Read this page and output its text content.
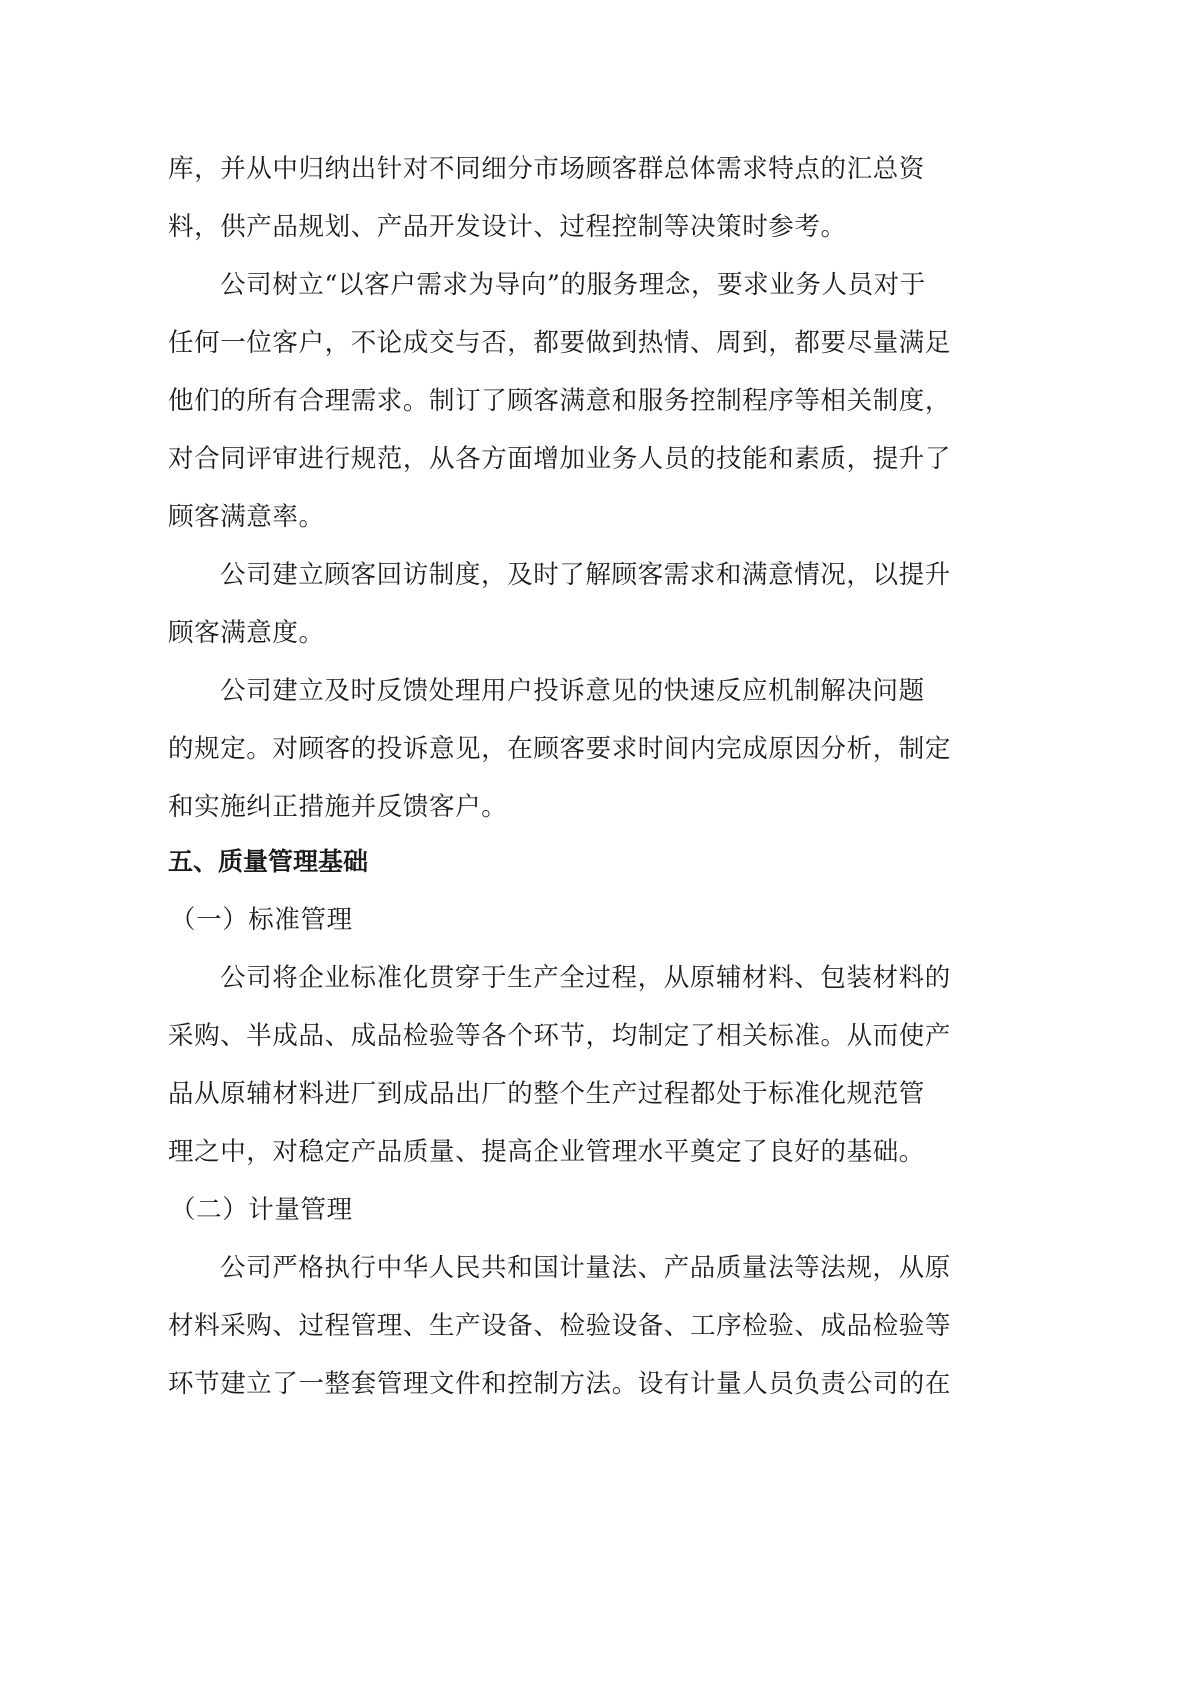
库，并从中归纳出针对不同细分市场顾客群总体需求特点的汇总资
料，供产品规划、产品开发设计、过程控制等决策时参考。
公司树立“以客户需求为导向”的服务理念，要求业务人员对于
任何一位客户，不论成交与否，都要做到热情、周到，都要尽量满足
他们的所有合理需求。制订了顾客满意和服务控制程序等相关制度，
对合同评审进行规范，从各方面增加业务人员的技能和素质，提升了
顾客满意率。
公司建立顾客回访制度，及时了解顾客需求和满意情况，以提升
顾客满意度。
公司建立及时反馈处理用户投诉意见的快速反应机制解决问题
的规定。对顾客的投诉意见，在顾客要求时间内完成原因分析，制定
和实施纠正措施并反馈客户。
五、质量管理基础
（一）标准管理
公司将企业标准化贯穿于生产全过程，从原辅材料、包装材料的
采购、半成品、成品检验等各个环节，均制定了相关标准。从而使产
品从原辅材料进厂到成品出厂的整个生产过程都处于标准化规范管
理之中，对稳定产品质量、提高企业管理水平奠定了良好的基础。
（二）计量管理
公司严格执行中华人民共和国计量法、产品质量法等法规，从原
材料采购、过程管理、生产设备、检验设备、工序检验、成品检验等
环节建立了一整套管理文件和控制方法。设有计量人员负责公司的在
